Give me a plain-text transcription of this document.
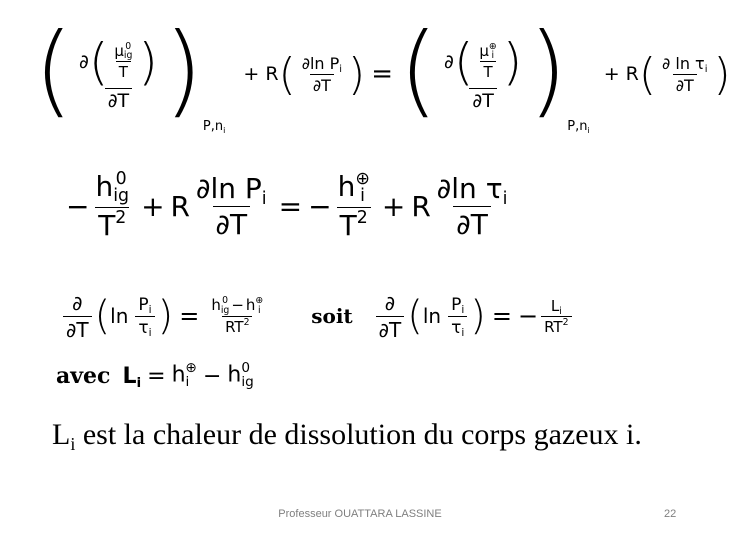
( ∂ ( μ 0
ig
T )
∂T ) $P,n_i$
+ R ( $\frac{\partial\ln P_i}{\partial T}$ ) = ( ∂ ( μ ⊕
i
T )
∂T ) $P,n_i$
+ R ( $\frac{\partial \ln \tau_i}{\partial T}$ )
− h 0
ig
$T^2 + R \frac{\partial\ln P_i}{\partial T}$ = − h ⊕
i
$T^2 + R \frac{\partial\ln \tau_i}{\partial T}$
$\frac{\partial}{\partial T}$ ( $\ln \frac{P_i}{\tau_i}$ ) = h 0
ig − h ⊕
i
$RT^2$ soit $\frac{\partial}{\partial T}$ ( $\ln \frac{P_i}{\tau_i}$ ) = − $\frac{L_i}{RT^2}$
avec $L_i = h$ ⊕
i − h 0
ig
$L_i$ est la chaleur de dissolution du corps gazeux i.
Professeur OUATTARA LASSINE	22
